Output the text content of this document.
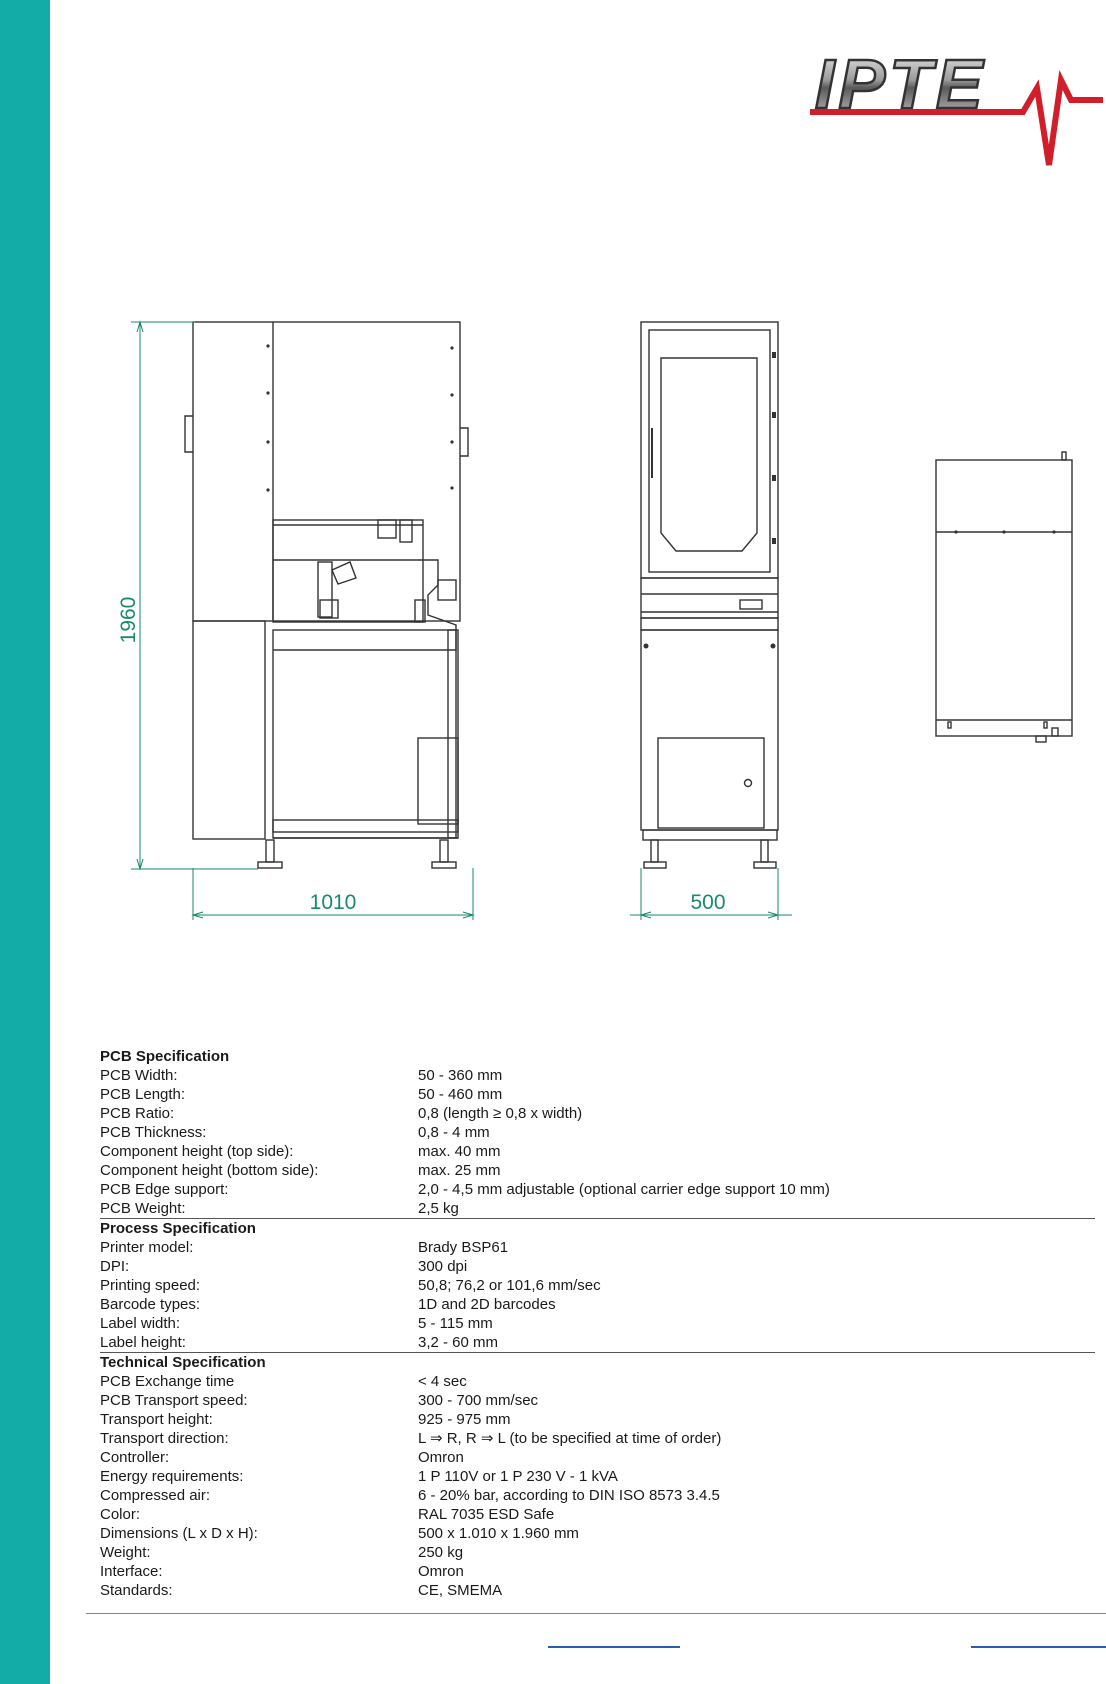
IPTE
1960
1010	500
PCB Specification	
PCB Width:	50 - 360 mm
PCB Length:	50 - 460 mm
PCB Ratio:	0,8 (length ≥ 0,8 x width)
PCB Thickness:	0,8 - 4 mm
Component height (top side):	max. 40 mm
Component height (bottom side):	max. 25 mm
PCB Edge support:	2,0 - 4,5 mm adjustable (optional carrier edge support 10 mm)
PCB Weight:	2,5 kg
Process Specification	
Printer model:	Brady BSP61
DPI:	300 dpi
Printing speed:	50,8; 76,2 or 101,6 mm/sec
Barcode types:	1D and 2D barcodes
Label width:	5 - 115 mm
Label height:	3,2 - 60 mm
Technical Specification	
PCB Exchange time	< 4 sec
PCB Transport speed:	300 - 700 mm/sec
Transport height:	925 - 975 mm
Transport direction:	L ⇒ R, R ⇒ L (to be specified at time of order)
Controller:	Omron
Energy requirements:	1 P 110V or 1 P 230 V - 1 kVA
Compressed air:	6 - 20% bar, according to DIN ISO 8573 3.4.5
Color:	RAL 7035 ESD Safe
Dimensions (L x D x H):	500 x 1.010 x 1.960 mm
Weight:	250 kg
Interface:	Omron
Standards:	CE, SMEMA
